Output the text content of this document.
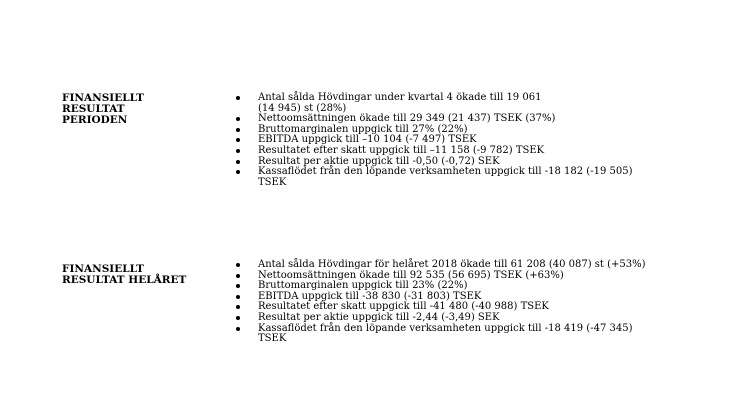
FINANSIELLT
RESULTAT
PERIODEN
Antal sålda Hövdingar under kvartal 4 ökade till 19 061
(14 945) st (28%)
Nettoomsättningen ökade till 29 349 (21 437) TSEK (37%)
Bruttomarginalen uppgick till 27% (22%)
EBITDA uppgick till –10 104 (-7 497) TSEK
Resultatet efter skatt uppgick till –11 158 (-9 782) TSEK
Resultat per aktie uppgick till -0,50 (-0,72) SEK
Kassaflödet från den löpande verksamheten uppgick till -18 182 (-19 505)
TSEK
FINANSIELLT
RESULTAT HELÅRET
Antal sålda Hövdingar för helåret 2018 ökade till 61 208 (40 087) st (+53%)
Nettoomsättningen ökade till 92 535 (56 695) TSEK (+63%)
Bruttomarginalen uppgick till 23% (22%)
EBITDA uppgick till -38 830 (-31 803) TSEK
Resultatet efter skatt uppgick till -41 480 (-40 988) TSEK
Resultat per aktie uppgick till -2,44 (-3,49) SEK
Kassaflödet från den löpande verksamheten uppgick till -18 419 (-47 345)
TSEK
